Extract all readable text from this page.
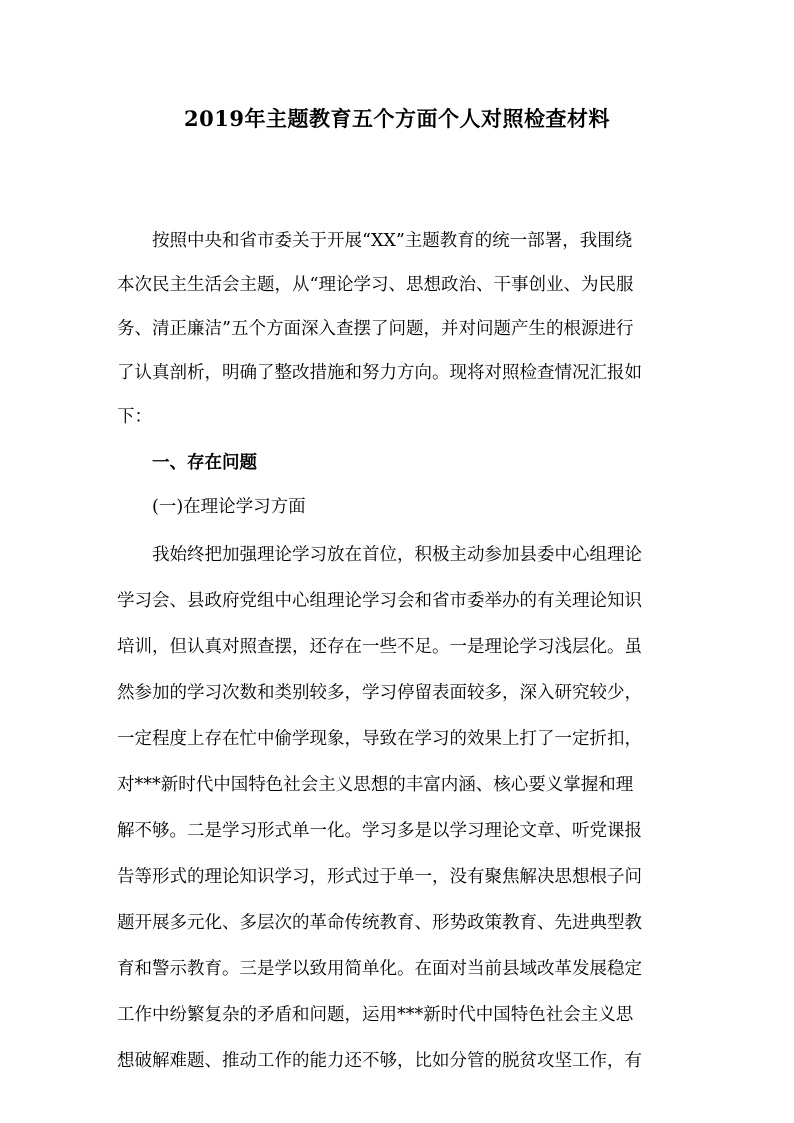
2019年主题教育五个方面个人对照检查材料
按照中央和省市委关于开展“XX”主题教育的统一部署，我围绕
本次民主生活会主题，从“理论学习、思想政治、干事创业、为民服
务、清正廉洁”五个方面深入查摆了问题，并对问题产生的根源进行
了认真剖析，明确了整改措施和努力方向。现将对照检查情况汇报如
下：
一、存在问题
(一)在理论学习方面
我始终把加强理论学习放在首位，积极主动参加县委中心组理论
学习会、县政府党组中心组理论学习会和省市委举办的有关理论知识
培训，但认真对照查摆，还存在一些不足。一是理论学习浅层化。虽
然参加的学习次数和类别较多，学习停留表面较多，深入研究较少，
一定程度上存在忙中偷学现象，导致在学习的效果上打了一定折扣，
对***新时代中国特色社会主义思想的丰富内涵、核心要义掌握和理
解不够。二是学习形式单一化。学习多是以学习理论文章、听党课报
告等形式的理论知识学习，形式过于单一，没有聚焦解决思想根子问
题开展多元化、多层次的革命传统教育、形势政策教育、先进典型教
育和警示教育。三是学以致用简单化。在面对当前县域改革发展稳定
工作中纷繁复杂的矛盾和问题，运用***新时代中国特色社会主义思
想破解难题、推动工作的能力还不够，比如分管的脱贫攻坚工作，有
